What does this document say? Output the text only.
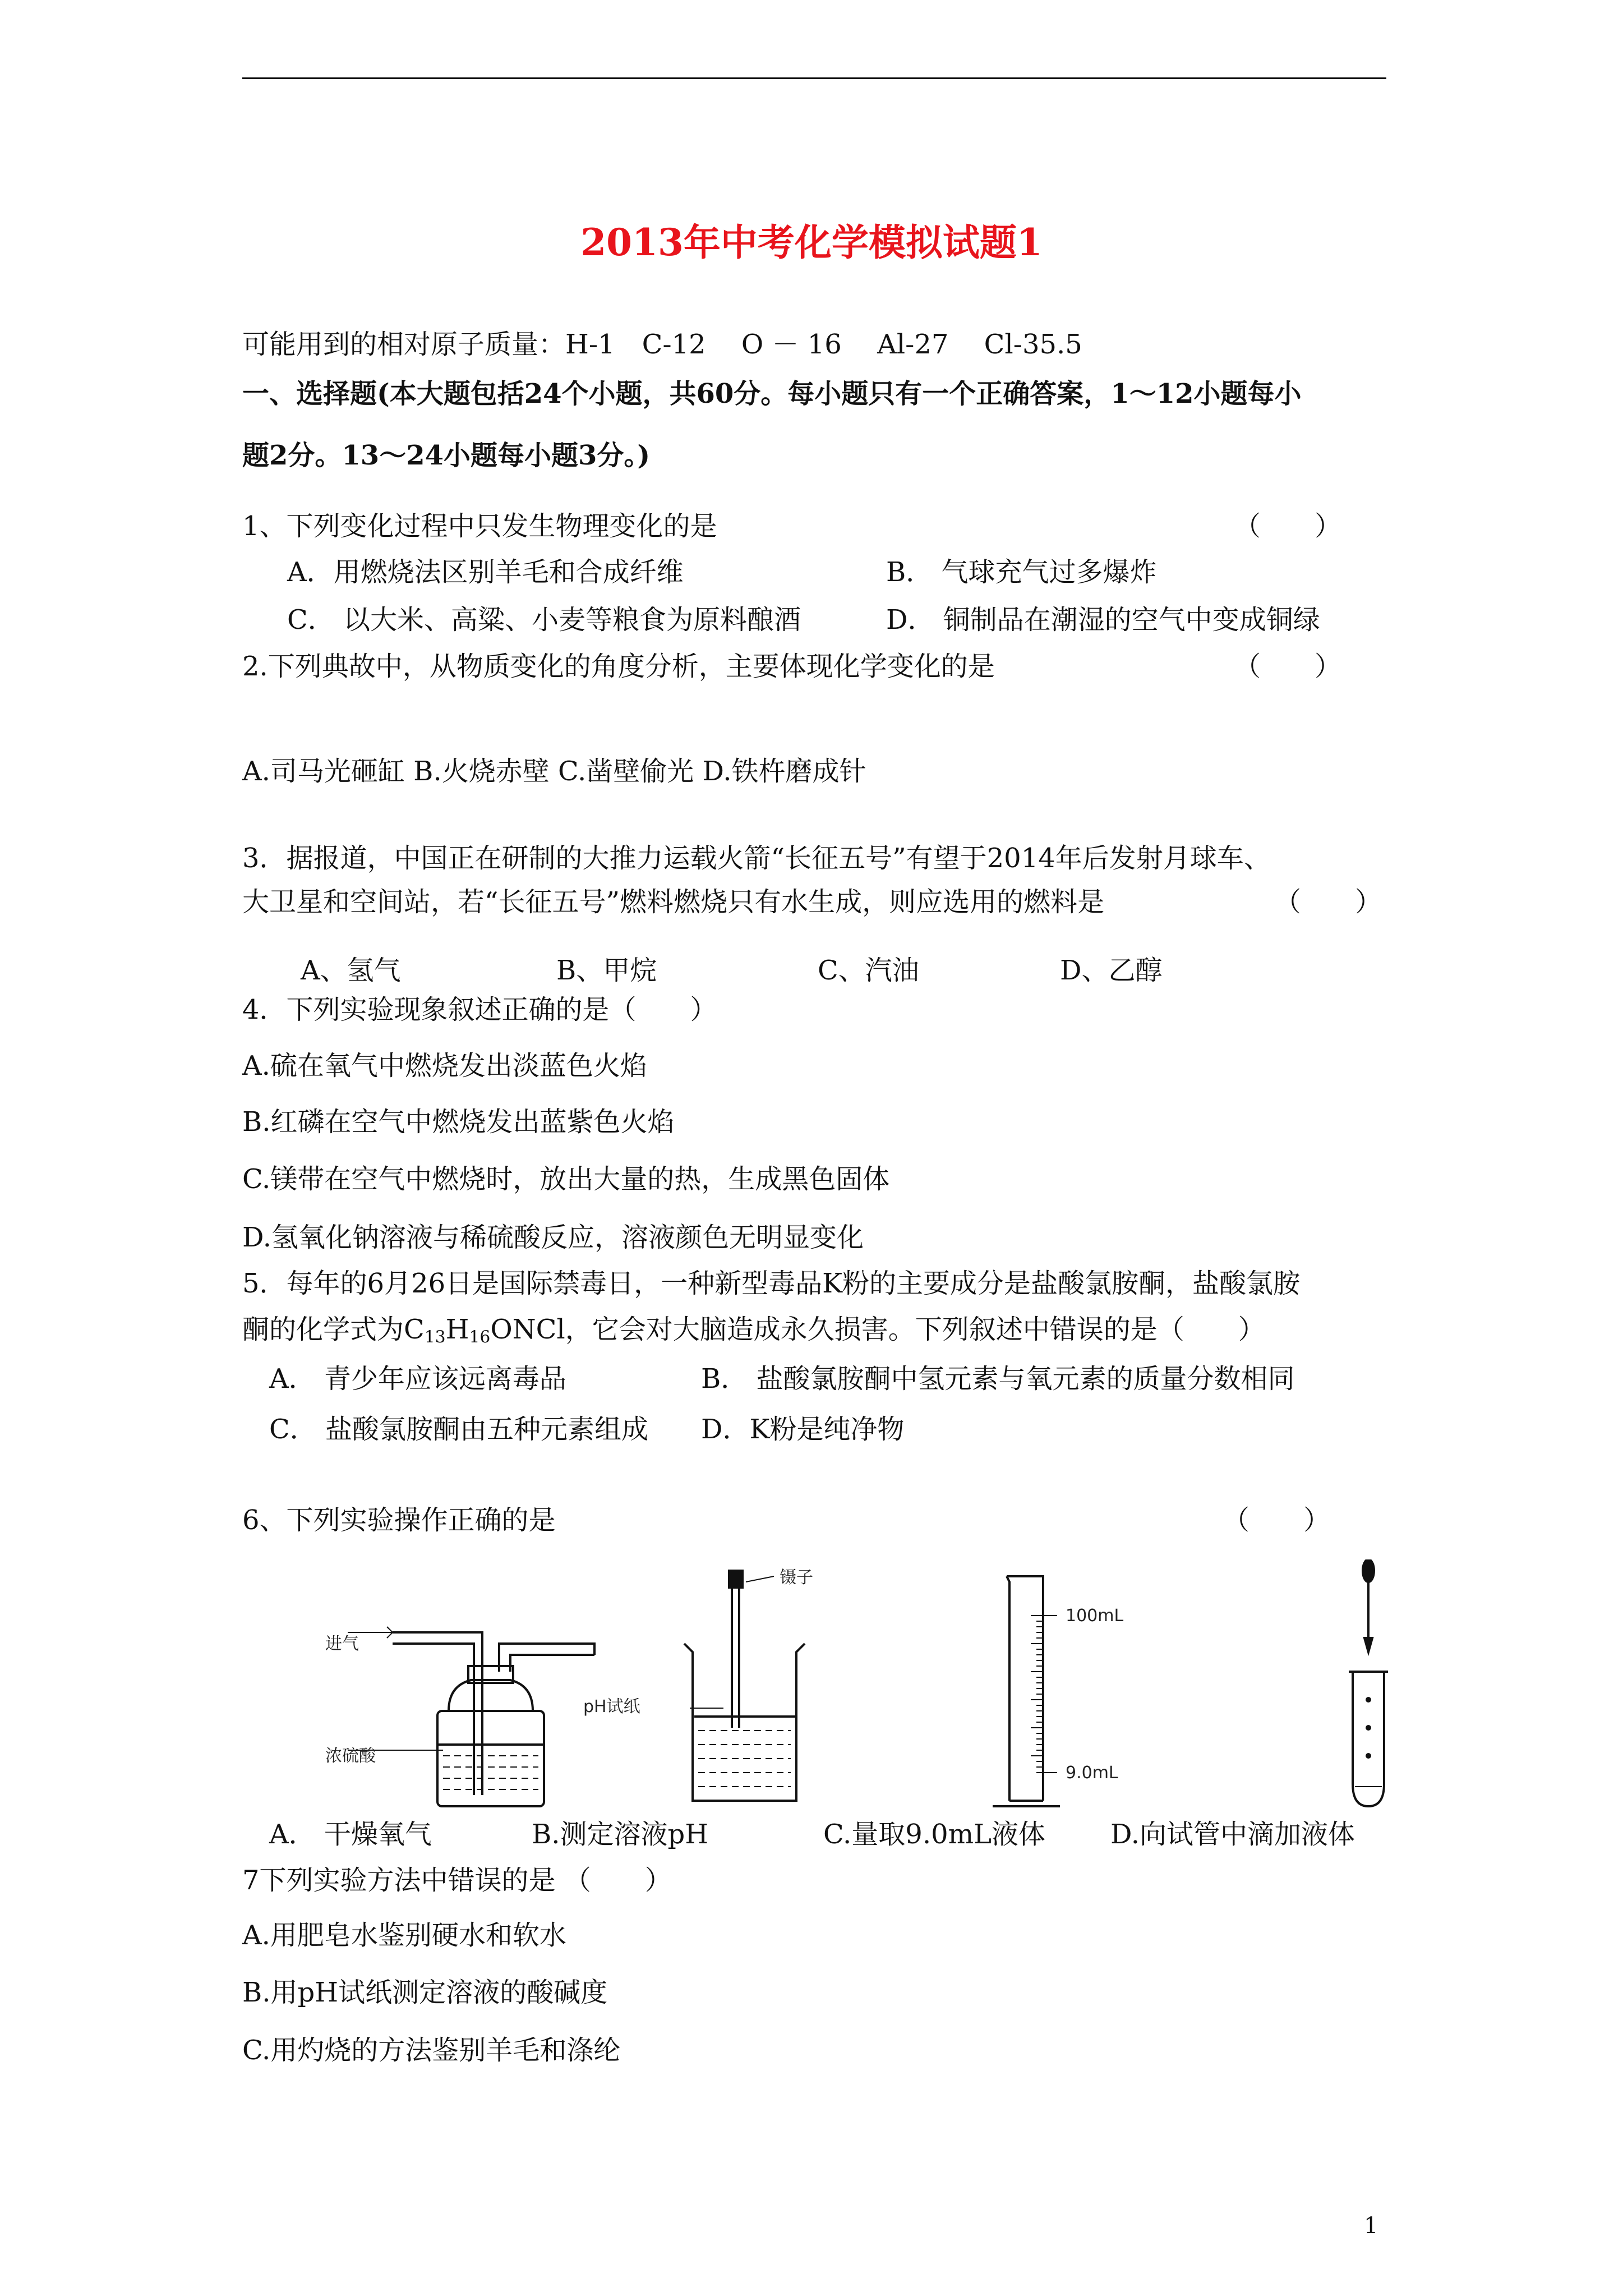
2013年中考化学模拟试题1
可能用到的相对原子质量：H-1　C-12　 O － 16　 Al-27　 Cl-35.5
一、选择题(本大题包括24个小题，共60分。每小题只有一个正确答案，1～12小题每小
题2分。13～24小题每小题3分。)
1、下列变化过程中只发生物理变化的是	（　　）
A．用燃烧法区别羊毛和合成纤维	B． 气球充气过多爆炸
C． 以大米、高粱、小麦等粮食为原料酿酒	D． 铜制品在潮湿的空气中变成铜绿
2.下列典故中，从物质变化的角度分析，主要体现化学变化的是	（　　）
A.司马光砸缸 B.火烧赤壁 C.凿壁偷光 D.铁杵磨成针
3．据报道，中国正在研制的大推力运载火箭“长征五号”有望于2014年后发射月球车、
大卫星和空间站，若“长征五号”燃料燃烧只有水生成，则应选用的燃料是	（　　）
A、氢气	B、甲烷	C、汽油	D、乙醇
4．下列实验现象叙述正确的是（　　）
A.硫在氧气中燃烧发出淡蓝色火焰
B.红磷在空气中燃烧发出蓝紫色火焰
C.镁带在空气中燃烧时，放出大量的热，生成黑色固体
D.氢氧化钠溶液与稀硫酸反应，溶液颜色无明显变化
5．每年的6月26日是国际禁毒日，一种新型毒品K粉的主要成分是盐酸氯胺酮，盐酸氯胺
酮的化学式为$C_{13}H_{16}ONCl$，它会对大脑造成永久损害。下列叙述中错误的是（　　）
A． 青少年应该远离毒品	B． 盐酸氯胺酮中氢元素与氧元素的质量分数相同
C． 盐酸氯胺酮由五种元素组成 D．K粉是纯净物
6、下列实验操作正确的是	（　　）
进气
浓硫酸
镊子
pH试纸
100mL
9.0mL
A． 干燥氧气	B.测定溶液pH	C.量取9.0mL液体 D.向试管中滴加液体
7下列实验方法中错误的是 （　　）
A.用肥皂水鉴别硬水和软水
B.用pH试纸测定溶液的酸碱度
C.用灼烧的方法鉴别羊毛和涤纶
1
